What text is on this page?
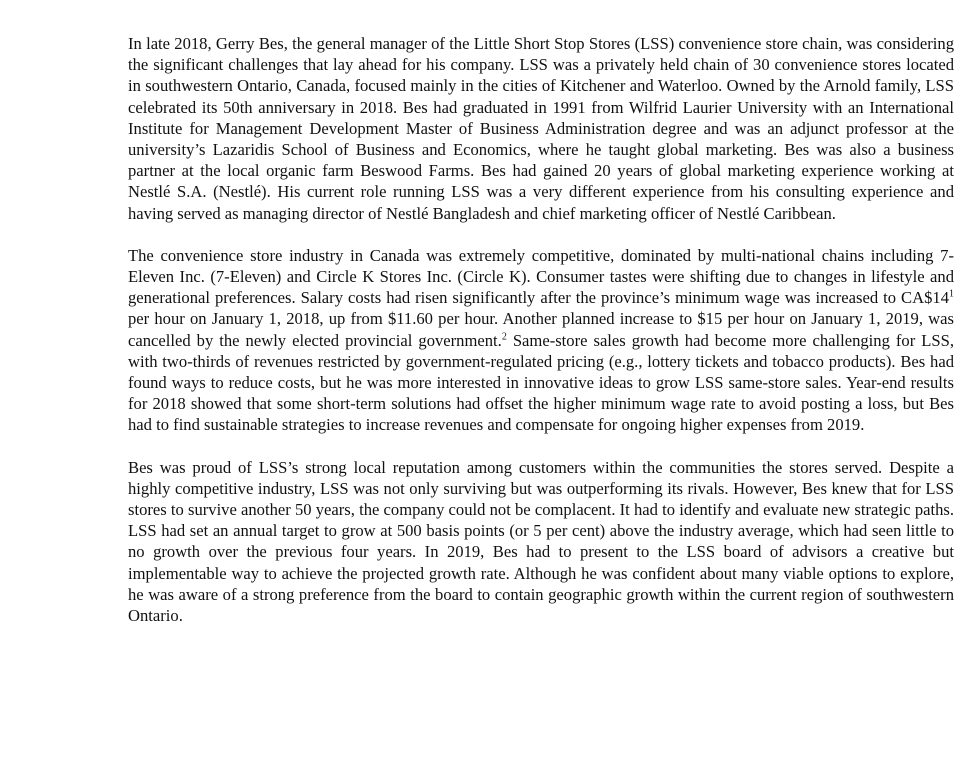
In late 2018, Gerry Bes, the general manager of the Little Short Stop Stores (LSS) convenience store chain, was considering the significant challenges that lay ahead for his company. LSS was a privately held chain of 30 convenience stores located in southwestern Ontario, Canada, focused mainly in the cities of Kitchener and Waterloo. Owned by the Arnold family, LSS celebrated its 50th anniversary in 2018. Bes had graduated in 1991 from Wilfrid Laurier University with an International Institute for Management Development Master of Business Administration degree and was an adjunct professor at the university’s Lazaridis School of Business and Economics, where he taught global marketing. Bes was also a business partner at the local organic farm Beswood Farms. Bes had gained 20 years of global marketing experience working at Nestlé S.A. (Nestlé). His current role running LSS was a very different experience from his consulting experience and having served as managing director of Nestlé Bangladesh and chief marketing officer of Nestlé Caribbean.

The convenience store industry in Canada was extremely competitive, dominated by multi-national chains including 7-Eleven Inc. (7-Eleven) and Circle K Stores Inc. (Circle K). Consumer tastes were shifting due to changes in lifestyle and generational preferences. Salary costs had risen significantly after the province’s minimum wage was increased to $CA\$14^1$ per hour on January 1, 2018, up from $11.60 per hour. Another planned increase to $15 per hour on January 1, 2019, was cancelled by the newly elected provincial government.$^2$ Same-store sales growth had become more challenging for LSS, with two-thirds of revenues restricted by government-regulated pricing (e.g., lottery tickets and tobacco products). Bes had found ways to reduce costs, but he was more interested in innovative ideas to grow LSS same-store sales. Year-end results for 2018 showed that some short-term solutions had offset the higher minimum wage rate to avoid posting a loss, but Bes had to find sustainable strategies to increase revenues and compensate for ongoing higher expenses from 2019.

Bes was proud of LSS’s strong local reputation among customers within the communities the stores served. Despite a highly competitive industry, LSS was not only surviving but was outperforming its rivals. However, Bes knew that for LSS stores to survive another 50 years, the company could not be complacent. It had to identify and evaluate new strategic paths. LSS had set an annual target to grow at 500 basis points (or 5 per cent) above the industry average, which had seen little to no growth over the previous four years. In 2019, Bes had to present to the LSS board of advisors a creative but implementable way to achieve the projected growth rate. Although he was confident about many viable options to explore, he was aware of a strong preference from the board to contain geographic growth within the current region of southwestern Ontario.
